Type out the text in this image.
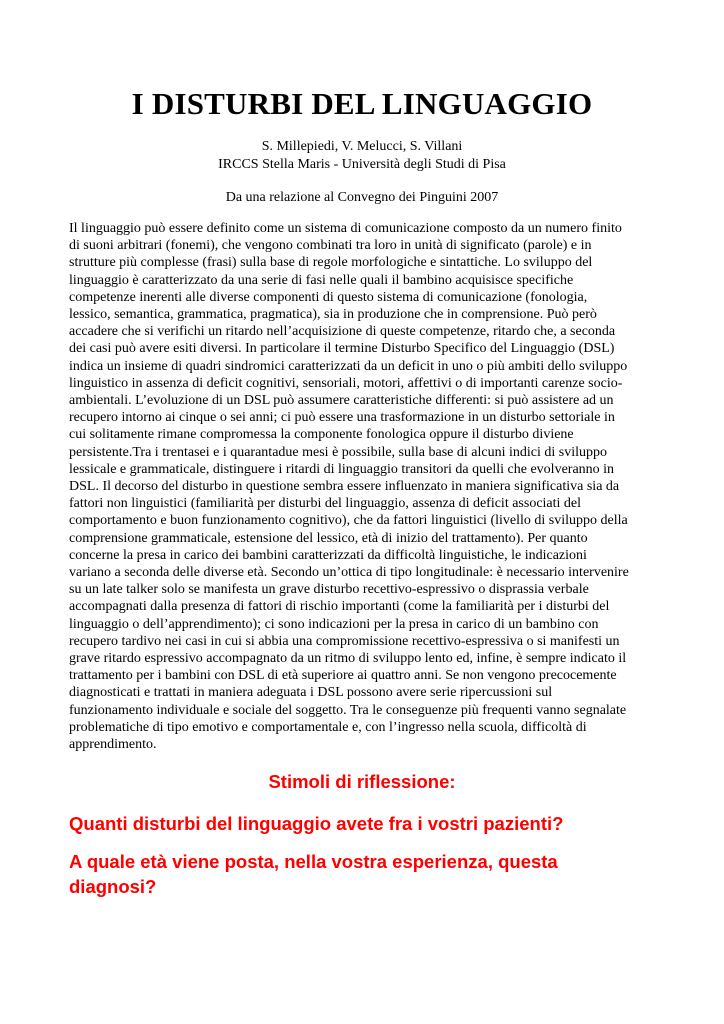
I DISTURBI DEL LINGUAGGIO

S. Millepiedi, V. Melucci, S. Villani

IRCCS Stella Maris - Università degli Studi di Pisa

Da una relazione al Convegno dei Pinguini 2007

Il linguaggio può essere definito come un sistema di comunicazione composto da un numero finito
di suoni arbitrari (fonemi), che vengono combinati tra loro in unità di significato (parole) e in
strutture più complesse (frasi) sulla base di regole morfologiche e sintattiche. Lo sviluppo del
linguaggio è caratterizzato da una serie di fasi nelle quali il bambino acquisisce specifiche
competenze inerenti alle diverse componenti di questo sistema di comunicazione (fonologia,
lessico, semantica, grammatica, pragmatica), sia in produzione che in comprensione. Può però
accadere che si verifichi un ritardo nell’acquisizione di queste competenze, ritardo che, a seconda
dei casi può avere esiti diversi. In particolare il termine Disturbo Specifico del Linguaggio (DSL)
indica un insieme di quadri sindromici caratterizzati da un deficit in uno o più ambiti dello sviluppo
linguistico in assenza di deficit cognitivi, sensoriali, motori, affettivi o di importanti carenze socio-
ambientali. L’evoluzione di un DSL può assumere caratteristiche differenti: si può assistere ad un
recupero intorno ai cinque o sei anni; ci può essere una trasformazione in un disturbo settoriale in
cui solitamente rimane compromessa la componente fonologica oppure il disturbo diviene
persistente.Tra i trentasei e i quarantadue mesi è possibile, sulla base di alcuni indici di sviluppo
lessicale e grammaticale, distinguere i ritardi di linguaggio transitori da quelli che evolveranno in
DSL. Il decorso del disturbo in questione sembra essere influenzato in maniera significativa sia da
fattori non linguistici (familiarità per disturbi del linguaggio, assenza di deficit associati del
comportamento e buon funzionamento cognitivo), che da fattori linguistici (livello di sviluppo della
comprensione grammaticale, estensione del lessico, età di inizio del trattamento). Per quanto
concerne la presa in carico dei bambini caratterizzati da difficoltà linguistiche, le indicazioni
variano a seconda delle diverse età. Secondo un’ottica di tipo longitudinale: è necessario intervenire
su un late talker solo se manifesta un grave disturbo recettivo-espressivo o disprassia verbale
accompagnati dalla presenza di fattori di rischio importanti (come la familiarità per i disturbi del
linguaggio o dell’apprendimento); ci sono indicazioni per la presa in carico di un bambino con
recupero tardivo nei casi in cui si abbia una compromissione recettivo-espressiva o si manifesti un
grave ritardo espressivo accompagnato da un ritmo di sviluppo lento ed, infine, è sempre indicato il
trattamento per i bambini con DSL di età superiore ai quattro anni. Se non vengono precocemente
diagnosticati e trattati in maniera adeguata i DSL possono avere serie ripercussioni sul
funzionamento individuale e sociale del soggetto. Tra le conseguenze più frequenti vanno segnalate
problematiche di tipo emotivo e comportamentale e, con l’ingresso nella scuola, difficoltà di
apprendimento.
Stimoli di riflessione:

Quanti disturbi del linguaggio avete fra i vostri pazienti?

A quale età viene posta, nella vostra esperienza, questa
diagnosi?
